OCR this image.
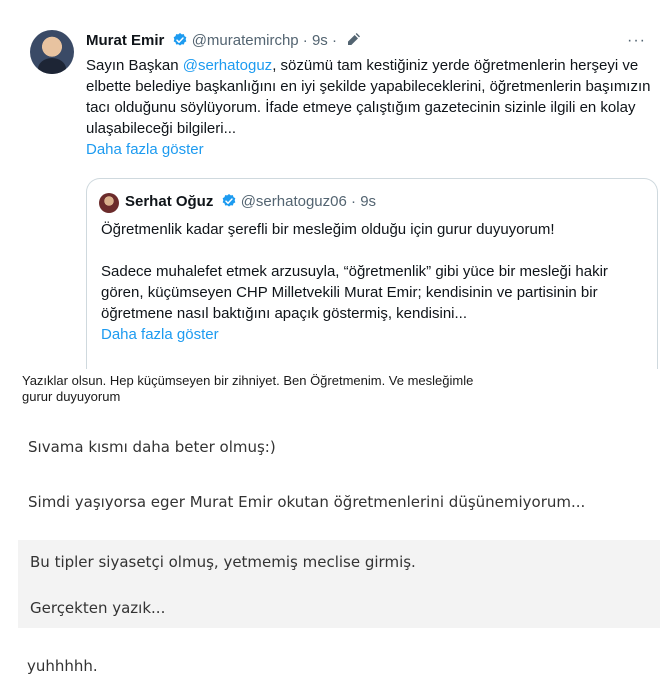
Murat Emir @muratemirchp · 9s ·	···
Sayın Başkan @serhatoguz, sözümü tam kestiğiniz yerde öğretmenlerin herşeyi ve elbette belediye başkanlığını en iyi şekilde yapabileceklerini, öğretmenlerin başımızın tacı olduğunu söylüyorum. İfade etmeye çalıştığım gazetecinin sizinle ilgili en kolay ulaşabileceği bilgileri...
Daha fazla göster
Serhat Oğuz @serhatoguz06 · 9s

Öğretmenlik kadar şerefli bir mesleğim olduğu için gurur duyuyorum!

Sadece muhalefet etmek arzusuyla, “öğretmenlik” gibi yüce bir mesleği hakir gören, küçümseyen CHP Milletvekili Murat Emir; kendisinin ve partisinin bir öğretmene nasıl baktığını apaçık göstermiş, kendisini...

Daha fazla göster
Yazıklar olsun. Hep küçümseyen bir zihniyet. Ben Öğretmenim. Ve mesleğimle gurur duyuyorum
Sıvama kısmı daha beter olmuş:)
Simdi yaşıyorsa eger Murat Emir okutan öğretmenlerini düşünemiyorum...
Bu tipler siyasetçi olmuş, yetmemiş meclise girmiş.
Gerçekten yazık...
yuhhhhh.
